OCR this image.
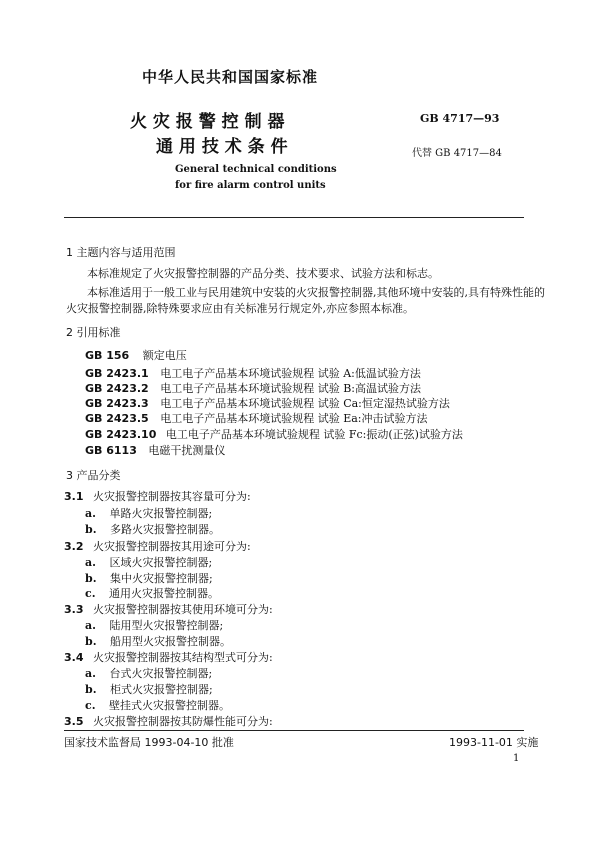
中华人民共和国国家标准
火 灾 报 警 控 制 器
通 用 技 术 条 件
GB 4717—93
代替 GB 4717—84
General technical conditions
for fire alarm control units
1 主题内容与适用范围
本标准规定了火灾报警控制器的产品分类、技术要求、试验方法和标志。
本标准适用于一般工业与民用建筑中安装的火灾报警控制器,其他环境中安装的,具有特殊性能的
火灾报警控制器,除特殊要求应由有关标准另行规定外,亦应参照本标准。
2 引用标准
GB 156 额定电压
GB 2423.1 电工电子产品基本环境试验规程 试验 A:低温试验方法
GB 2423.2 电工电子产品基本环境试验规程 试验 B:高温试验方法
GB 2423.3 电工电子产品基本环境试验规程 试验 Ca:恒定湿热试验方法
GB 2423.5 电工电子产品基本环境试验规程 试验 Ea:冲击试验方法
GB 2423.10 电工电子产品基本环境试验规程 试验 Fc:振动(正弦)试验方法
GB 6113 电磁干扰测量仪
3 产品分类
3.1 火灾报警控制器按其容量可分为:
a. 单路火灾报警控制器;
b. 多路火灾报警控制器。
3.2 火灾报警控制器按其用途可分为:
a. 区域火灾报警控制器;
b. 集中火灾报警控制器;
c. 通用火灾报警控制器。
3.3 火灾报警控制器按其使用环境可分为:
a. 陆用型火灾报警控制器;
b. 船用型火灾报警控制器。
3.4 火灾报警控制器按其结构型式可分为:
a. 台式火灾报警控制器;
b. 柜式火灾报警控制器;
c. 壁挂式火灾报警控制器。
3.5 火灾报警控制器按其防爆性能可分为:
国家技术监督局 1993-04-10 批准	1993-11-01 实施
1
